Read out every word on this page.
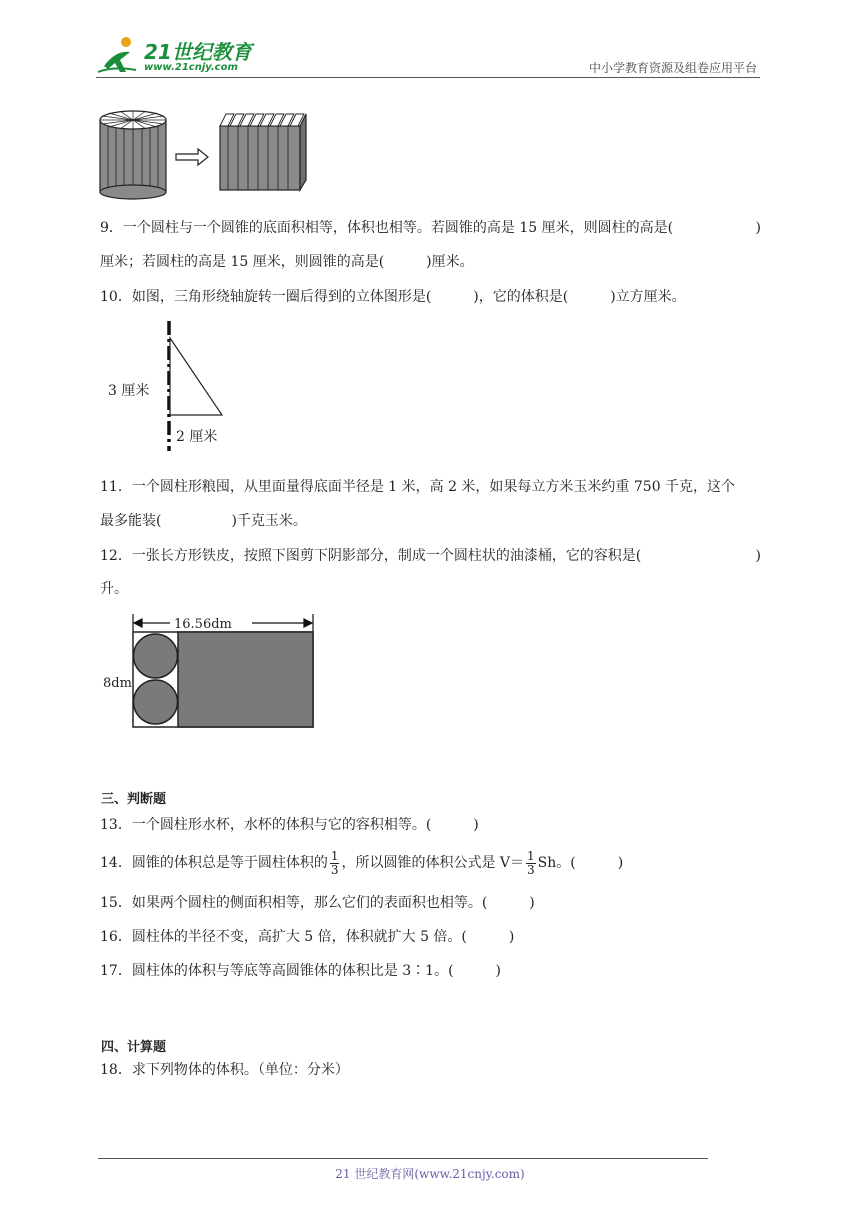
21世纪教育
www.21cnjy.com	中小学教育资源及组卷应用平台
9．一个圆柱与一个圆锥的底面积相等，体积也相等。若圆锥的高是 15 厘米，则圆柱的高是(	)
厘米；若圆柱的高是 15 厘米，则圆锥的高是(　　　)厘米。
10．如图，三角形绕轴旋转一圈后得到的立体图形是(　　　)，它的体积是(　　　)立方厘米。
3 厘米
2 厘米
11．一个圆柱形粮囤，从里面量得底面半径是 1 米，高 2 米，如果每立方米玉米约重 750 千克，这个
最多能装(　　　　　)千克玉米。
12．一张长方形铁皮，按照下图剪下阴影部分，制成一个圆柱状的油漆桶，它的容积是(	)
升。
16.56dm
8dm
三、判断题
13．一个圆柱形水杯，水杯的体积与它的容积相等。(　　　)
14．圆锥的体积总是等于圆柱体积的 $\frac{1}{3}$ ，所以圆锥的体积公式是 $V= \frac{1}{3}$ Sh。(　　　)
15．如果两个圆柱的侧面积相等，那么它们的表面积也相等。(　　　)
16．圆柱体的半径不变，高扩大 5 倍，体积就扩大 5 倍。(　　　)
17．圆柱体的体积与等底等高圆锥体的体积比是 3∶1。(　　　)
四、计算题
18．求下列物体的体积。（单位：分米）
21 世纪教育网(www.21cnjy.com)
